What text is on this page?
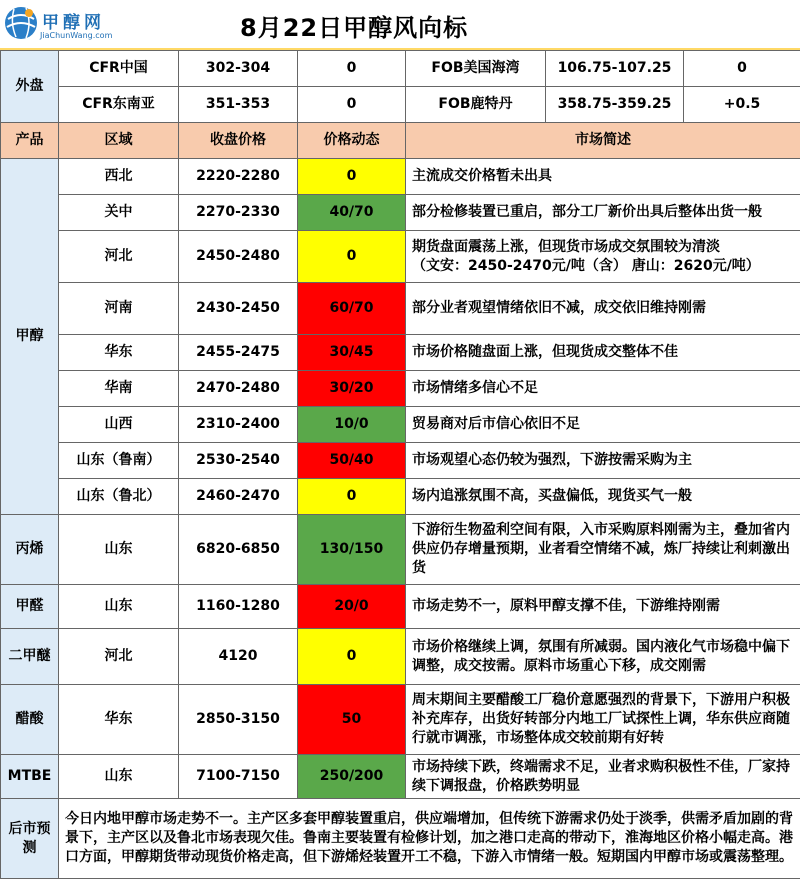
甲醇网
JiaChunWang.com	8月22日甲醇风向标
外盘	CFR中国	302-304	0	FOB美国海湾	106.75-107.25	0
	CFR东南亚	351-353	0	FOB鹿特丹	358.75-359.25	+0.5
产品	区域	收盘价格	价格动态	市场简述		
甲醇	西北	2220-2280	0	主流成交价格暂未出具		
	关中	2270-2330	40/70	部分检修装置已重启，部分工厂新价出具后整体出货一般		
	河北	2450-2480	0	期货盘面震荡上涨，但现货市场成交氛围较为清淡
（文安：2450-2470元/吨（含） 唐山：2620元/吨）		

	河南	2430-2450	60/70	部分业者观望情绪依旧不减，成交依旧维持刚需		
	华东	2455-2475	30/45	市场价格随盘面上涨，但现货成交整体不佳		
	华南	2470-2480	30/20	市场情绪多信心不足		
	山西	2310-2400	10/0	贸易商对后市信心依旧不足		
	山东（鲁南）	2530-2540	50/40	市场观望心态仍较为强烈，下游按需采购为主		
	山东（鲁北）	2460-2470	0	场内追涨氛围不高，买盘偏低，现货买气一般		
丙烯	山东	6820-6850	130/150	下游衍生物盈利空间有限，入市采购原料刚需为主，叠加省内供应仍存增量预期，业者看空情绪不减，炼厂持续让利刺激出货		
甲醛	山东	1160-1280	20/0	市场走势不一，原料甲醇支撑不佳，下游维持刚需		
二甲醚	河北	4120	0	市场价格继续上调，氛围有所减弱。国内液化气市场稳中偏下调整，成交按需。原料市场重心下移，成交刚需		
醋酸	华东	2850-3150	50	周末期间主要醋酸工厂稳价意愿强烈的背景下，下游用户积极补充库存，出货好转部分内地工厂试探性上调，华东供应商随行就市调涨，市场整体成交较前期有好转		
MTBE	山东	7100-7150	250/200	市场持续下跌，终端需求不足，业者求购积极性不佳，厂家持续下调报盘，价格跌势明显		
后市预测	今日内地甲醇市场走势不一。主产区多套甲醇装置重启，供应端增加，但传统下游需求仍处于淡季，供需矛盾加剧的背景下，主产区以及鲁北市场表现欠佳。鲁南主要装置有检修计划，加之港口走高的带动下，淮海地区价格小幅走高。港口方面，甲醇期货带动现货价格走高，但下游烯烃装置开工不稳，下游入市情绪一般。短期国内甲醇市场或震荡整理。					
